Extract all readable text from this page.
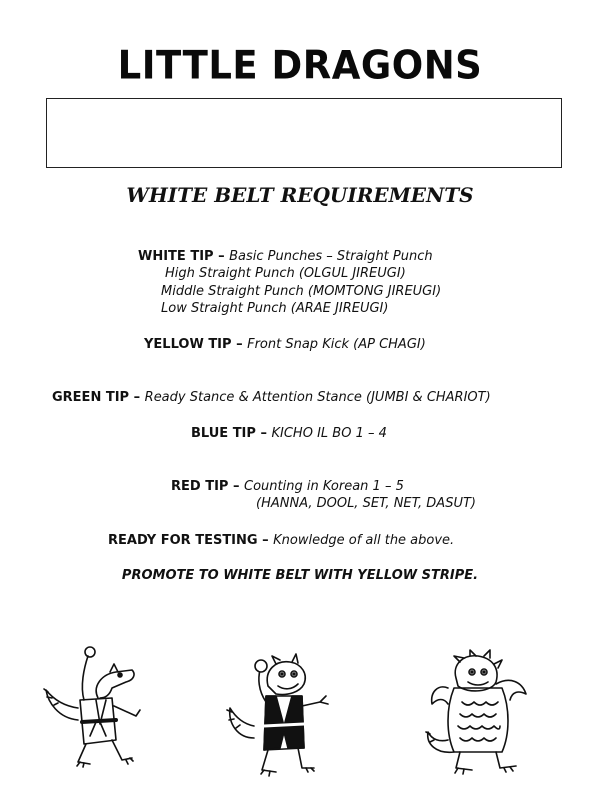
LITTLE DRAGONS
WHITE BELT REQUIREMENTS
WHITE TIP – Basic Punches – Straight Punch
High Straight Punch (OLGUL JIREUGI)
Middle Straight Punch (MOMTONG JIREUGI)
Low Straight Punch (ARAE JIREUGI)
YELLOW TIP – Front Snap Kick (AP CHAGI)
GREEN TIP – Ready Stance & Attention Stance (JUMBI & CHARIOT)
BLUE TIP – KICHO IL BO 1 – 4
RED TIP – Counting in Korean 1 – 5
(HANNA, DOOL, SET, NET, DASUT)
READY FOR TESTING – Knowledge of all the above.
PROMOTE TO WHITE BELT WITH YELLOW STRIPE.
